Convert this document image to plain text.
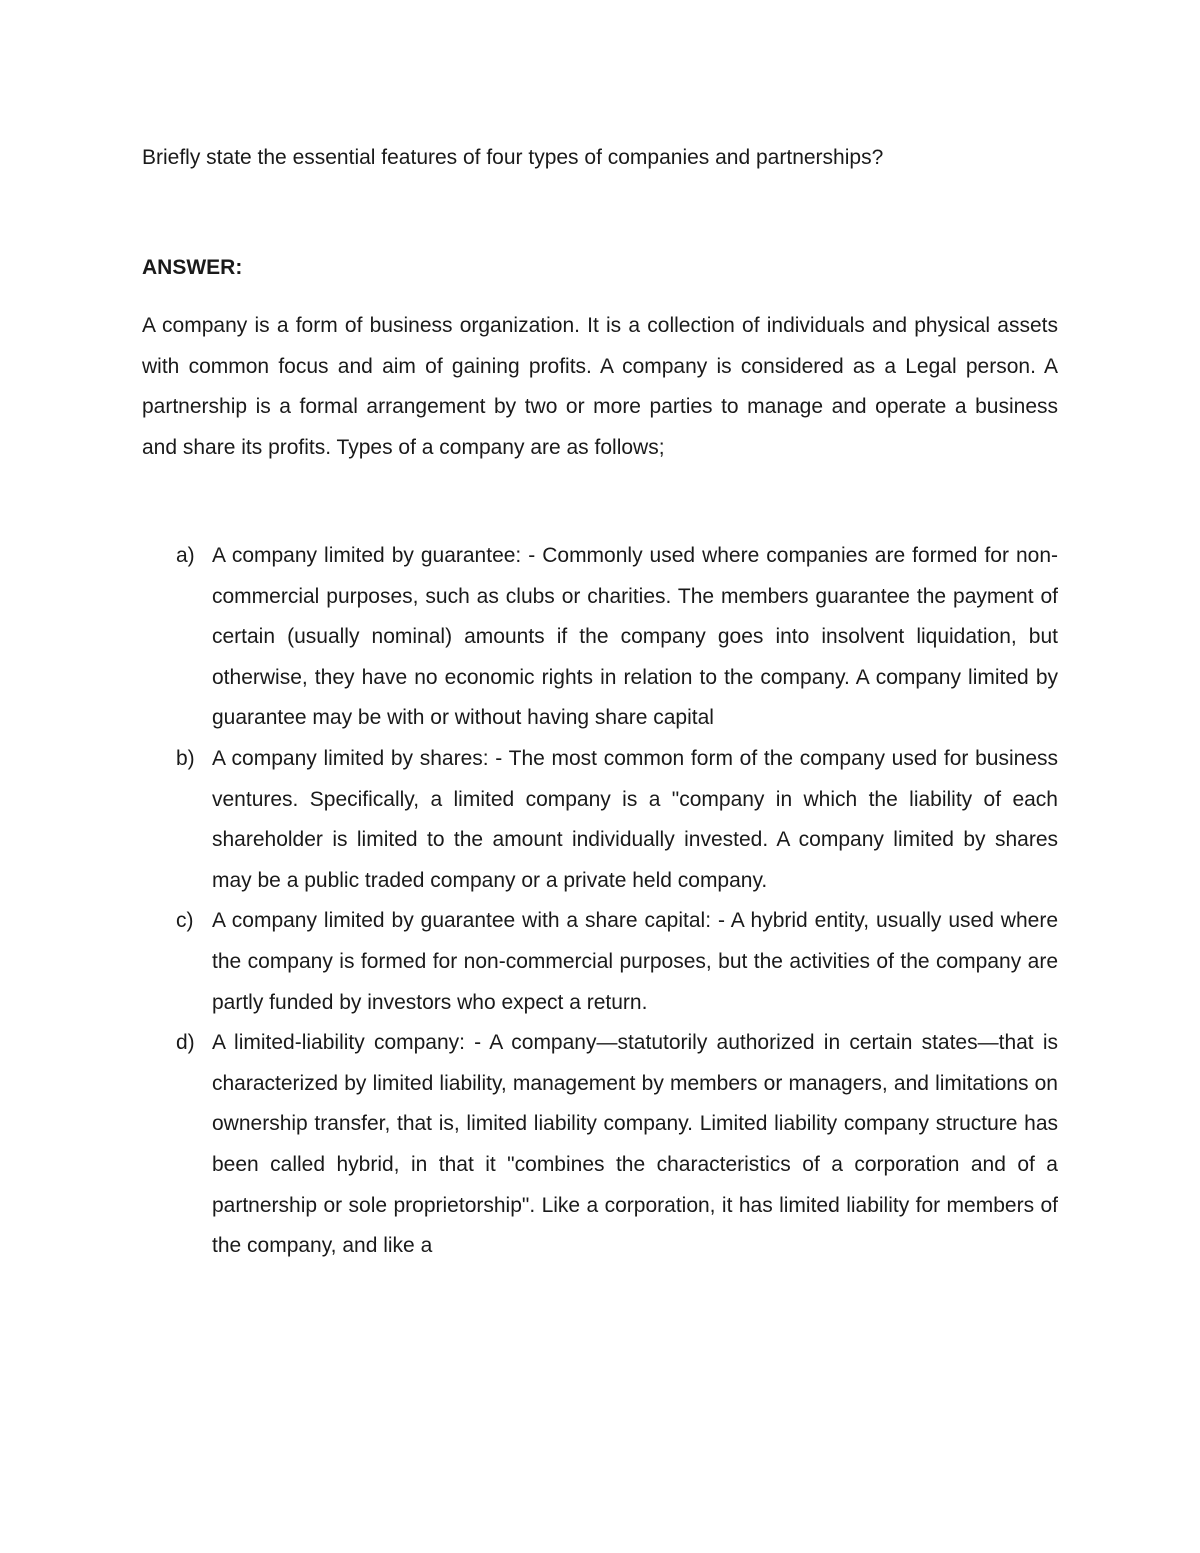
Briefly state the essential features of four types of companies and partnerships?
ANSWER:

A company is a form of business organization. It is a collection of individuals and physical assets with common focus and aim of gaining profits. A company is considered as a Legal person. A partnership is a formal arrangement by two or more parties to manage and operate a business and share its profits. Types of a company are as follows;

a) A company limited by guarantee: - Commonly used where companies are formed for non-commercial purposes, such as clubs or charities. The members guarantee the payment of certain (usually nominal) amounts if the company goes into insolvent liquidation, but otherwise, they have no economic rights in relation to the company. A company limited by guarantee may be with or without having share capital
b) A company limited by shares: - The most common form of the company used for business ventures. Specifically, a limited company is a "company in which the liability of each shareholder is limited to the amount individually invested. A company limited by shares may be a public traded company or a private held company.
c) A company limited by guarantee with a share capital: - A hybrid entity, usually used where the company is formed for non-commercial purposes, but the activities of the company are partly funded by investors who expect a return.
d) A limited-liability company: - A company—statutorily authorized in certain states—that is characterized by limited liability, management by members or managers, and limitations on ownership transfer, that is, limited liability company. Limited liability company structure has been called hybrid, in that it "combines the characteristics of a corporation and of a partnership or sole proprietorship". Like a corporation, it has limited liability for members of the company, and like a
